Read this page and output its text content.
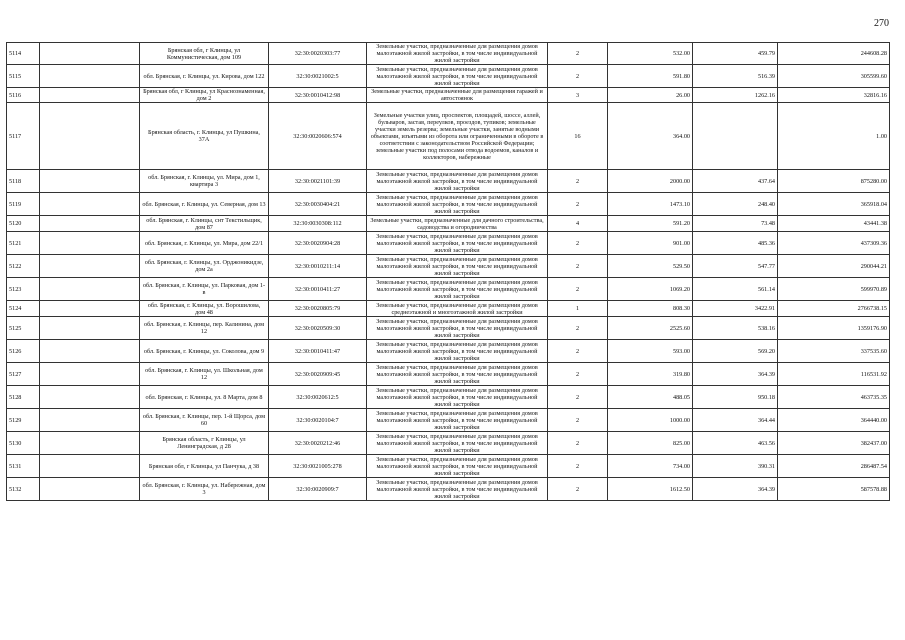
270
5114		Брянская обл, г Клинцы, ул Коммунистическая, дом 109	32:30:0020303:77	Земельные участки, предназначенные для размещения домов малоэтажной жилой застройки, в том числе индивидуальной жилой застройки	2	532.00	459.79	244608.28
5115		обл. Брянская, г. Клинцы, ул. Кирова, дом 122	32:30:0021002:5	Земельные участки, предназначенные для размещения домов малоэтажной жилой застройки, в том числе индивидуальной жилой застройки	2	591.80	516.39	305599.60
5116		Брянская обл, г Клинцы, ул Краснознаменная, дом 2	32:30:0010412:98	Земельные участки, предназначенные для размещения гаражей и автостоянок	3	26.00	1262.16	32816.16
5117		Брянская область, г. Клинцы, ул Пушкина, 37А	32:30:0020606:574	Земельные участки улиц, проспектов, площадей, шоссе, аллей, бульваров, застав, переулков, проездов, тупиков; земельные участки земель резерва; земельные участки, занятые водными объектами, изъятыми из оборота или ограниченными в обороте в соответствии с законодательством Российской Федерации; земельные участки под полосами отвода водоемов, каналов и коллекторов, набережные	16	364.00		1.00
5118		обл. Брянская, г. Клинцы, ул. Мира, дом 1, квартира 3	32:30:0021101:39	Земельные участки, предназначенные для размещения домов малоэтажной жилой застройки, в том числе индивидуальной жилой застройки	2	2000.00	437.64	875280.00
5119		обл. Брянская, г. Клинцы, ул. Северная, дом 13	32:30:0030404:21	Земельные участки, предназначенные для размещения домов малоэтажной жилой застройки, в том числе индивидуальной жилой застройки	2	1473.10	248.40	365918.04
5120		обл. Брянская, г. Клинцы, снт Текстильщик, дом 87	32:30:0030308:112	Земельные участки, предназначенные для дачного строительства, садоводства и огородничества	4	591.20	73.48	43441.38
5121		обл. Брянская, г. Клинцы, ул. Мира, дом 22/1	32:30:0020904:28	Земельные участки, предназначенные для размещения домов малоэтажной жилой застройки, в том числе индивидуальной жилой застройки	2	901.00	485.36	437309.36
5122		обл. Брянская, г. Клинцы, ул. Орджоникидзе, дом 2а	32:30:0010211:14	Земельные участки, предназначенные для размещения домов малоэтажной жилой застройки, в том числе индивидуальной жилой застройки	2	529.50	547.77	290044.21
5123		обл. Брянская, г. Клинцы, ул. Парковая, дом 1-в	32:30:0010411:27	Земельные участки, предназначенные для размещения домов малоэтажной жилой застройки, в том числе индивидуальной жилой застройки	2	1069.20	561.14	599970.89
5124		обл. Брянская, г. Клинцы, ул. Ворошилова, дом 48	32:30:0020805:79	Земельные участки, предназначенные для размещения домов среднеэтажной и многоэтажной жилой застройки	1	808.30	3422.91	2766738.15
5125		обл. Брянская, г. Клинцы, пер. Калинина, дом 12	32:30:0020509:30	Земельные участки, предназначенные для размещения домов малоэтажной жилой застройки, в том числе индивидуальной жилой застройки	2	2525.60	538.16	1359176.90
5126		обл. Брянская, г. Клинцы, ул. Соколова, дом 9	32:30:0010411:47	Земельные участки, предназначенные для размещения домов малоэтажной жилой застройки, в том числе индивидуальной жилой застройки	2	593.00	569.20	337535.60
5127		обл. Брянская, г. Клинцы, ул. Школьная, дом 12	32:30:0020909:45	Земельные участки, предназначенные для размещения домов малоэтажной жилой застройки, в том числе индивидуальной жилой застройки	2	319.80	364.39	116531.92
5128		обл. Брянская, г. Клинцы, ул. 8 Марта, дом 8	32:30:0020612:5	Земельные участки, предназначенные для размещения домов малоэтажной жилой застройки, в том числе индивидуальной жилой застройки	2	488.05	950.18	463735.35
5129		обл. Брянская, г. Клинцы, пер. 1-й Щорса, дом 60	32:30:0020104:7	Земельные участки, предназначенные для размещения домов малоэтажной жилой застройки, в том числе индивидуальной жилой застройки	2	1000.00	364.44	364440.00
5130		Брянская область, г Клинцы, ул Ленинградская, д 28	32:30:0020212:46	Земельные участки, предназначенные для размещения домов малоэтажной жилой застройки, в том числе индивидуальной жилой застройки	2	825.00	463.56	382437.00
5131		Брянская обл, г Клинцы, ул Панчука, д 38	32:30:0021005:278	Земельные участки, предназначенные для размещения домов малоэтажной жилой застройки, в том числе индивидуальной жилой застройки	2	734.00	390.31	286487.54
5132		обл. Брянская, г. Клинцы, ул. Набережная, дом 3	32:30:0020909:7	Земельные участки, предназначенные для размещения домов малоэтажной жилой застройки, в том числе индивидуальной жилой застройки	2	1612.50	364.39	587578.88
